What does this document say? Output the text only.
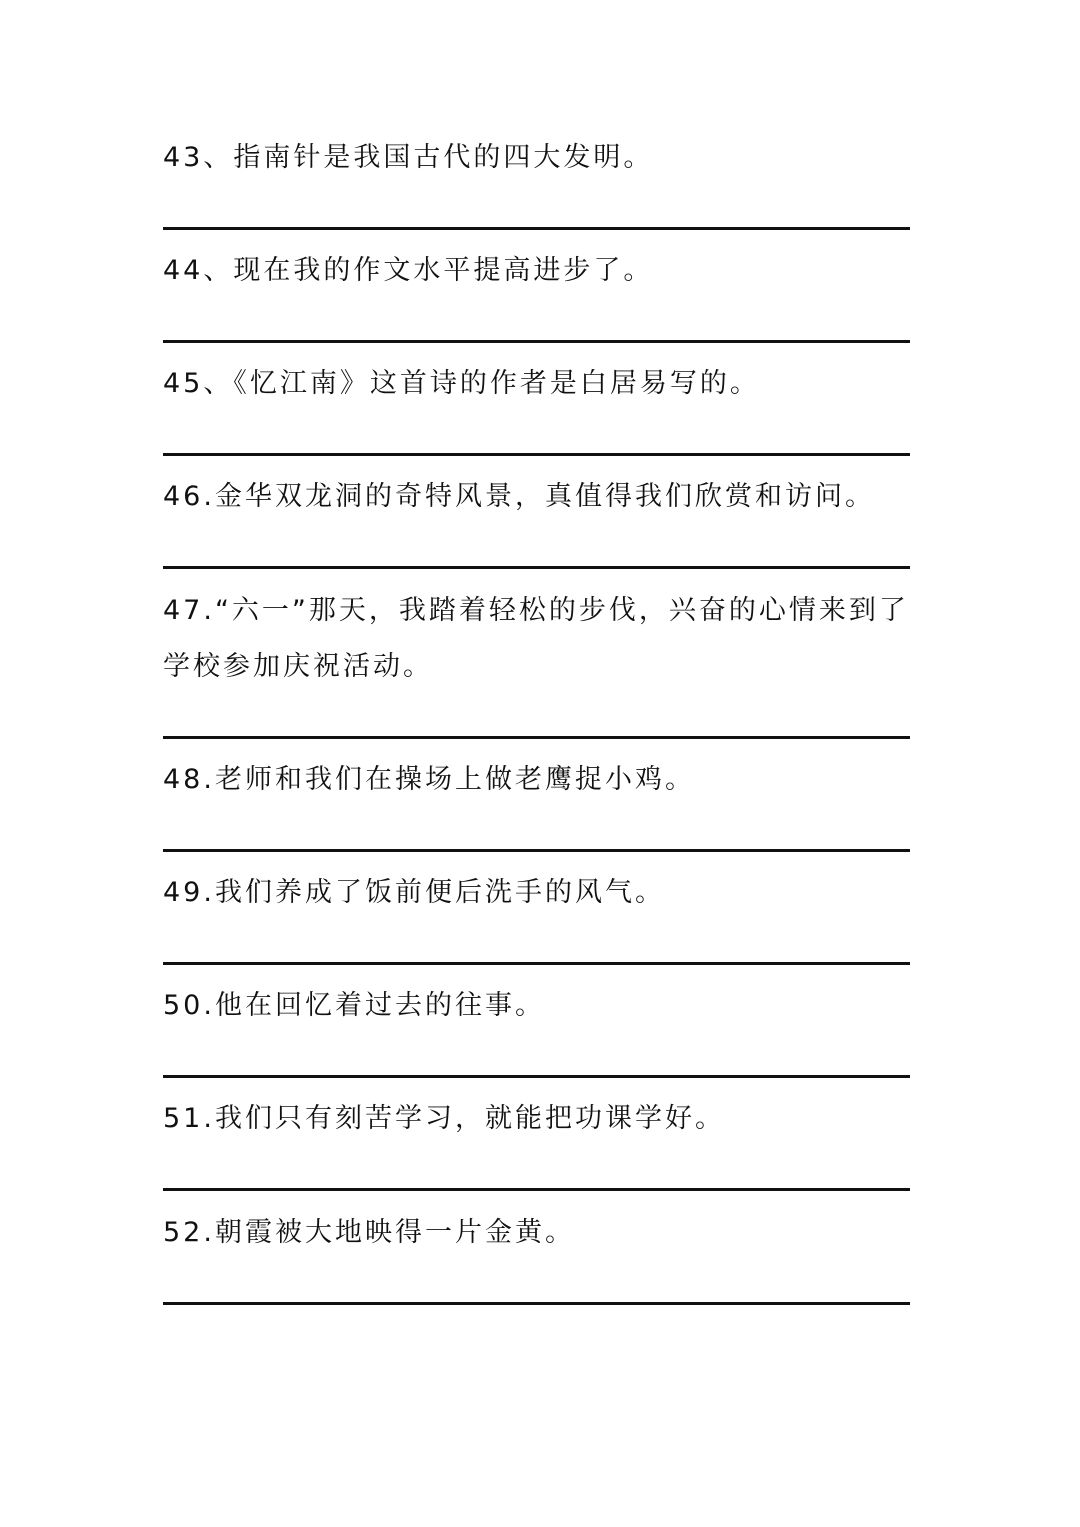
43、指南针是我国古代的四大发明。
44、现在我的作文水平提高进步了。
45、《忆江南》这首诗的作者是白居易写的。
46.金华双龙洞的奇特风景，真值得我们欣赏和访问。
47.“六一”那天，我踏着轻松的步伐，兴奋的心情来到了学校参加庆祝活动。
48.老师和我们在操场上做老鹰捉小鸡。
49.我们养成了饭前便后洗手的风气。
50.他在回忆着过去的往事。
51.我们只有刻苦学习，就能把功课学好。
52.朝霞被大地映得一片金黄。
